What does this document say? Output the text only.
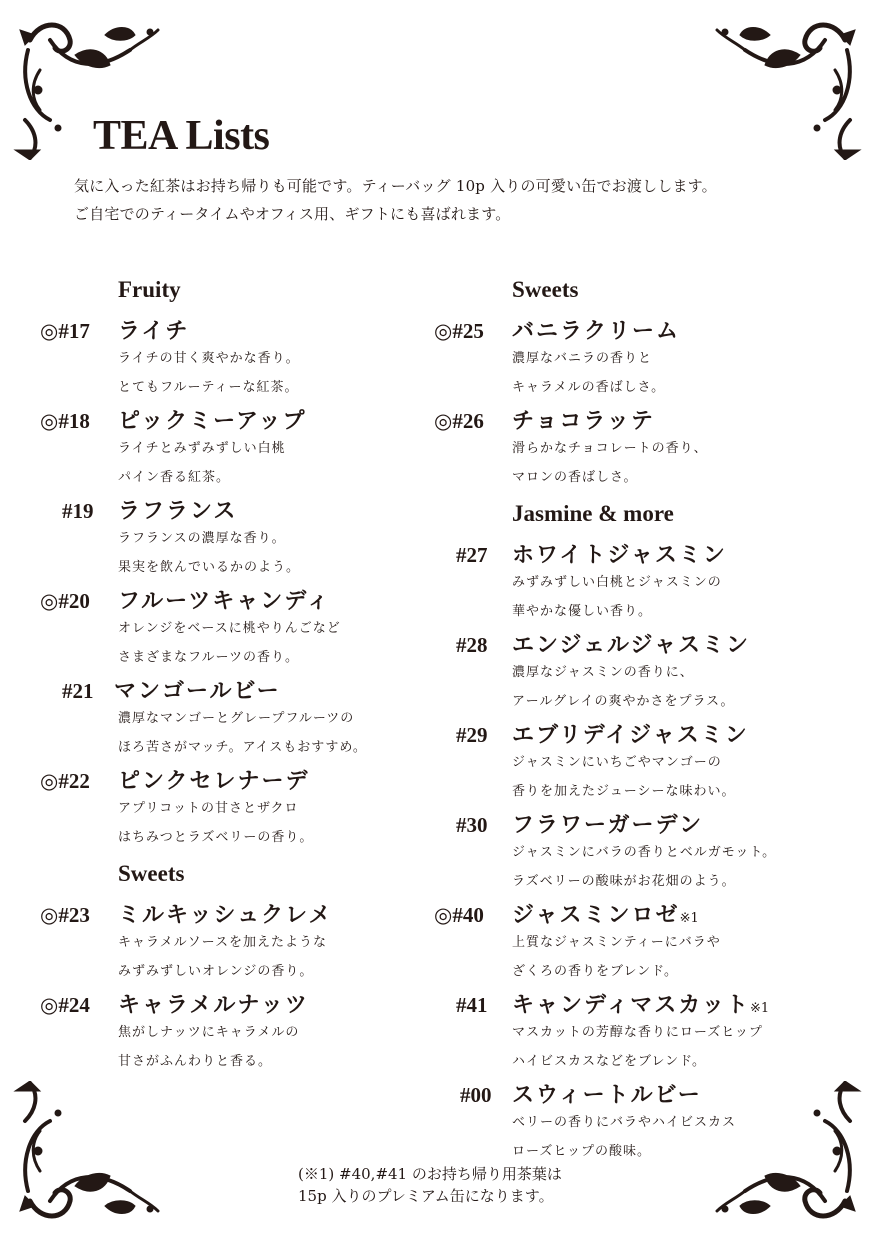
TEA Lists
気に入った紅茶はお持ち帰りも可能です。ティーバッグ 10p 入りの可愛い缶でお渡しします。
ご自宅でのティータイムやオフィス用、ギフトにも喜ばれます。
Fruity
◎#17	ライチ
ライチの甘く爽やかな香り。
とてもフルーティーな紅茶。
◎#18	ピックミーアップ
ライチとみずみずしい白桃
パイン香る紅茶。
#19	ラフランス
ラフランスの濃厚な香り。
果実を飲んでいるかのよう。
◎#20	フルーツキャンディ
オレンジをベースに桃やりんごなど
さまざまなフルーツの香り。
#21 マンゴールビー
濃厚なマンゴーとグレープフルーツの
ほろ苦さがマッチ。アイスもおすすめ。
◎#22	ピンクセレナーデ
アプリコットの甘さとザクロ
はちみつとラズベリーの香り。
Sweets
◎#23	ミルキッシュクレメ
キャラメルソースを加えたような
みずみずしいオレンジの香り。
◎#24	キャラメルナッツ
焦がしナッツにキャラメルの
甘さがふんわりと香る。
Sweets
◎#25	バニラクリーム
濃厚なバニラの香りと
キャラメルの香ばしさ。
◎#26	チョコラッテ
滑らかなチョコレートの香り、
マロンの香ばしさ。
Jasmine & more
#27	ホワイトジャスミン
みずみずしい白桃とジャスミンの
華やかな優しい香り。
#28	エンジェルジャスミン
濃厚なジャスミンの香りに、
アールグレイの爽やかさをプラス。
#29	エブリデイジャスミン
ジャスミンにいちごやマンゴーの
香りを加えたジューシーな味わい。
#30	フラワーガーデン
ジャスミンにバラの香りとベルガモット。
ラズベリーの酸味がお花畑のよう。
◎#40	ジャスミンロゼ※1
上質なジャスミンティーにバラや
ざくろの香りをブレンド。
#41	キャンディマスカット※1
マスカットの芳醇な香りにローズヒップ
ハイビスカスなどをブレンド。
#00 スウィートルビー
ベリーの香りにバラやハイビスカス
ローズヒップの酸味。
(※1) #40,#41 のお持ち帰り用茶葉は
15p 入りのプレミアム缶になります。
